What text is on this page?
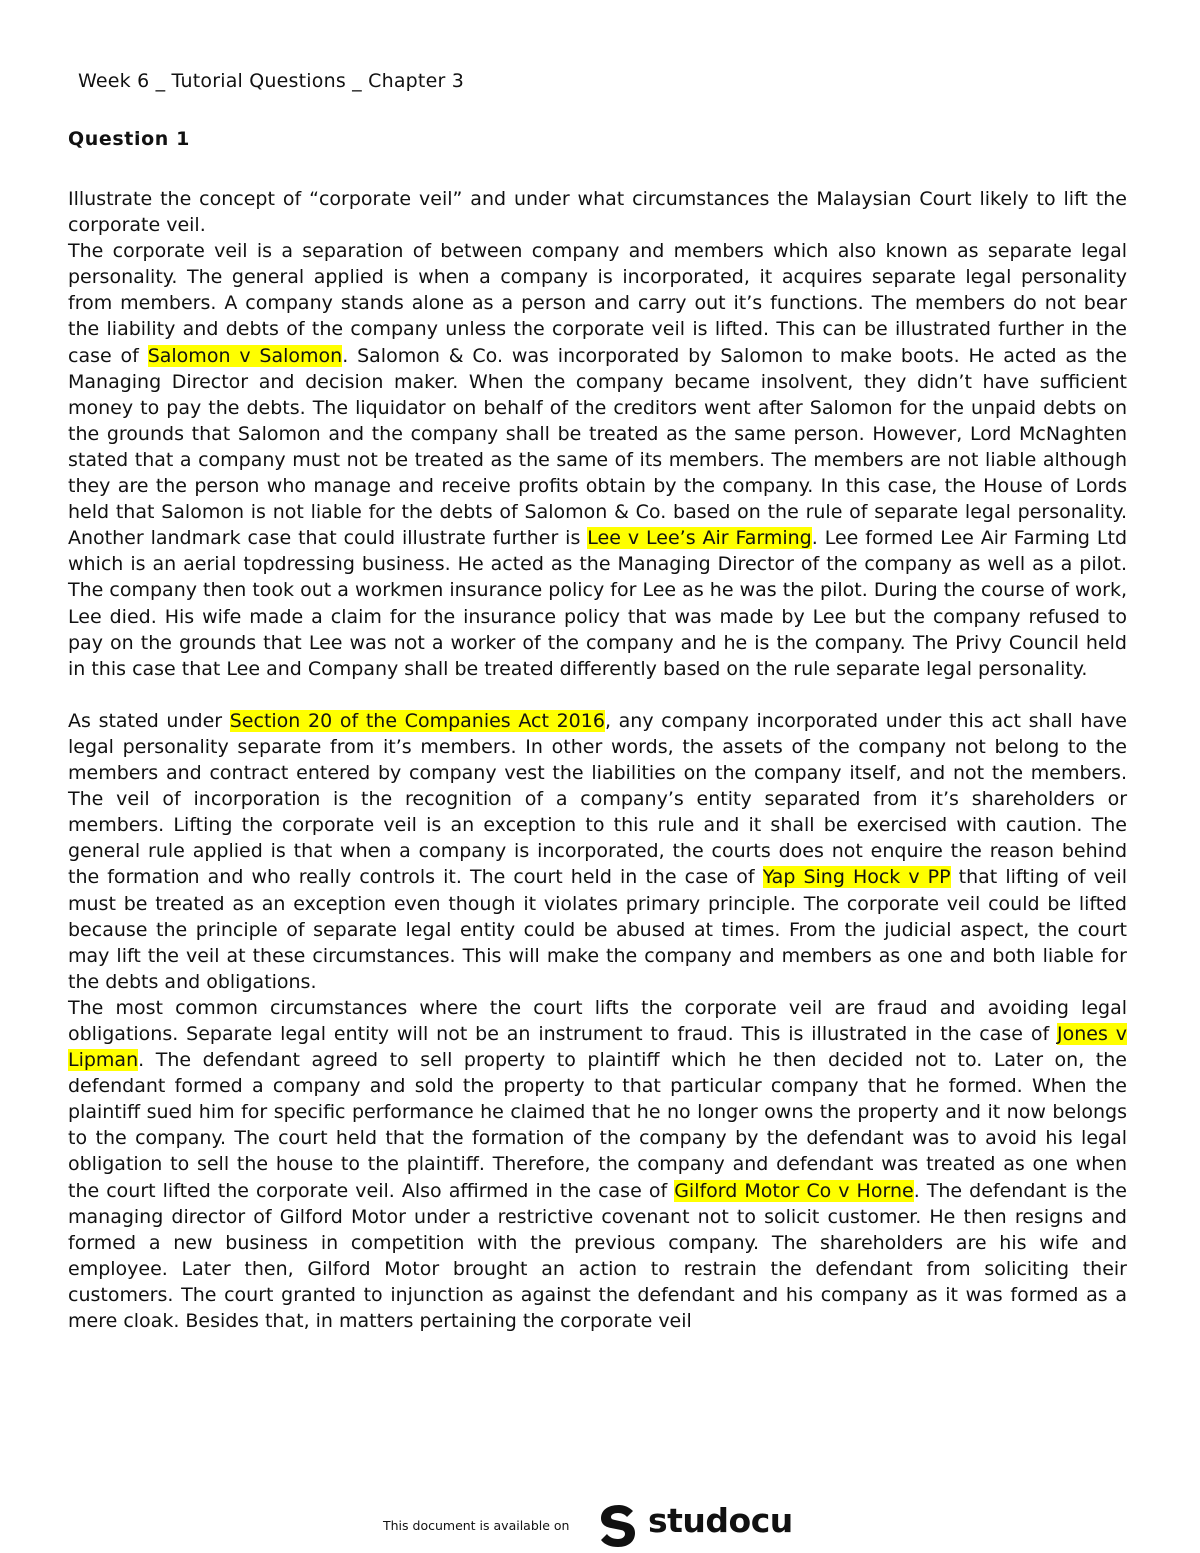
Week 6 _ Tutorial Questions _ Chapter 3
Question 1

Illustrate the concept of “corporate veil” and under what circumstances the Malaysian Court likely to lift the corporate veil.

The corporate veil is a separation of between company and members which also known as separate legal personality. The general applied is when a company is incorporated, it acquires separate legal personality from members. A company stands alone as a person and carry out it’s functions. The members do not bear the liability and debts of the company unless the corporate veil is lifted. This can be illustrated further in the case of Salomon v Salomon. Salomon & Co. was incorporated by Salomon to make boots. He acted as the Managing Director and decision maker. When the company became insolvent, they didn’t have sufficient money to pay the debts. The liquidator on behalf of the creditors went after Salomon for the unpaid debts on the grounds that Salomon and the company shall be treated as the same person. However, Lord McNaghten stated that a company must not be treated as the same of its members. The members are not liable although they are the person who manage and receive profits obtain by the company. In this case, the House of Lords held that Salomon is not liable for the debts of Salomon & Co. based on the rule of separate legal personality. Another landmark case that could illustrate further is Lee v Lee’s Air Farming. Lee formed Lee Air Farming Ltd which is an aerial topdressing business. He acted as the Managing Director of the company as well as a pilot. The company then took out a workmen insurance policy for Lee as he was the pilot. During the course of work, Lee died. His wife made a claim for the insurance policy that was made by Lee but the company refused to pay on the grounds that Lee was not a worker of the company and he is the company. The Privy Council held in this case that Lee and Company shall be treated differently based on the rule separate legal personality.

As stated under Section 20 of the Companies Act 2016, any company incorporated under this act shall have legal personality separate from it’s members. In other words, the assets of the company not belong to the members and contract entered by company vest the liabilities on the company itself, and not the members. The veil of incorporation is the recognition of a company’s entity separated from it’s shareholders or members. Lifting the corporate veil is an exception to this rule and it shall be exercised with caution. The general rule applied is that when a company is incorporated, the courts does not enquire the reason behind the formation and who really controls it. The court held in the case of Yap Sing Hock v PP that lifting of veil must be treated as an exception even though it violates primary principle. The corporate veil could be lifted because the principle of separate legal entity could be abused at times. From the judicial aspect, the court may lift the veil at these circumstances. This will make the company and members as one and both liable for the debts and obligations.

The most common circumstances where the court lifts the corporate veil are fraud and avoiding legal obligations. Separate legal entity will not be an instrument to fraud. This is illustrated in the case of Jones v Lipman. The defendant agreed to sell property to plaintiff which he then decided not to. Later on, the defendant formed a company and sold the property to that particular company that he formed. When the plaintiff sued him for specific performance he claimed that he no longer owns the property and it now belongs to the company. The court held that the formation of the company by the defendant was to avoid his legal obligation to sell the house to the plaintiff. Therefore, the company and defendant was treated as one when the court lifted the corporate veil. Also affirmed in the case of Gilford Motor Co v Horne. The defendant is the managing director of Gilford Motor under a restrictive covenant not to solicit customer. He then resigns and formed a new business in competition with the previous company. The shareholders are his wife and employee. Later then, Gilford Motor brought an action to restrain the defendant from soliciting their customers. The court granted to injunction as against the defendant and his company as it was formed as a mere cloak. Besides that, in matters pertaining the corporate veil

This document is available on studocu
